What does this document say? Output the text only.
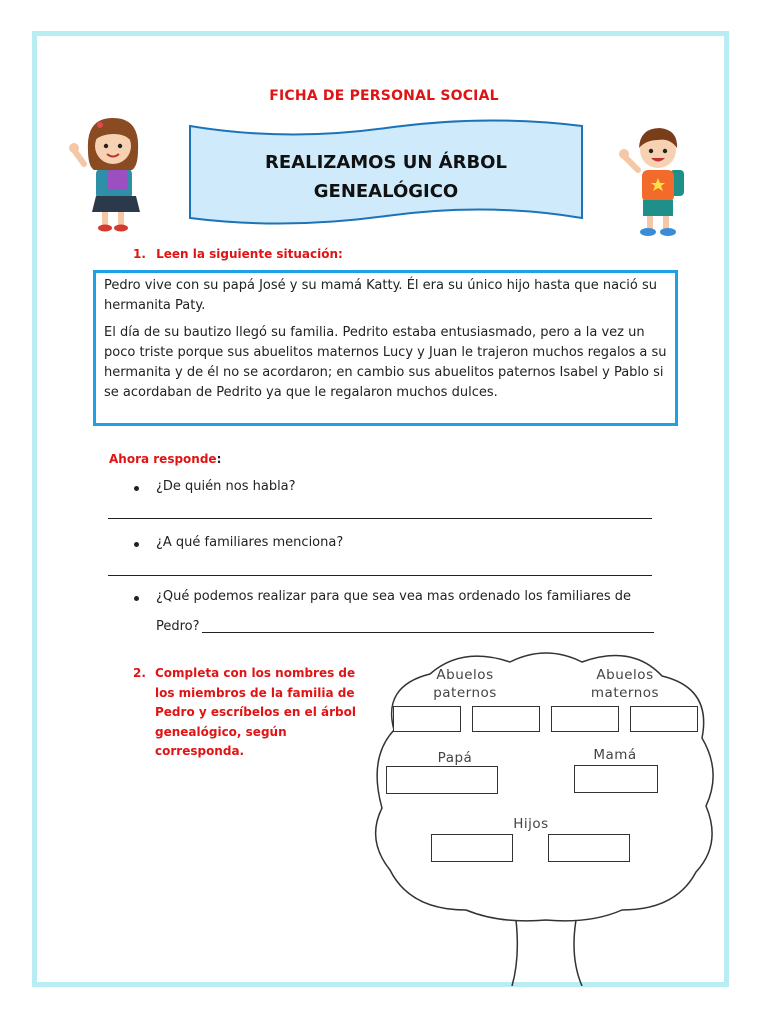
FICHA DE PERSONAL SOCIAL
REALIZAMOS UN ÁRBOL
GENEALÓGICO
1. Leen la siguiente situación:

Pedro vive con su papá José y su mamá Katty. Él era su único hijo hasta que nació su hermanita Paty.

El día de su bautizo llegó su familia. Pedrito estaba entusiasmado, pero a la vez un poco triste porque sus abuelitos maternos Lucy y Juan le trajeron muchos regalos a su hermanita y de él no se acordaron; en cambio sus abuelitos paternos Isabel y Pablo si se acordaban de Pedrito ya que le regalaron muchos dulces.

Ahora responde:
¿De quién nos habla?
¿A qué familiares menciona?
¿Qué podemos realizar para que sea vea mas ordenado los familiares de
Pedro?
2. Completa con los nombres de los miembros de la familia de Pedro y escríbelos en el árbol genealógico, según corresponda.
Abuelos
paternos
Abuelos
maternos
Papá	Mamá
Hijos
